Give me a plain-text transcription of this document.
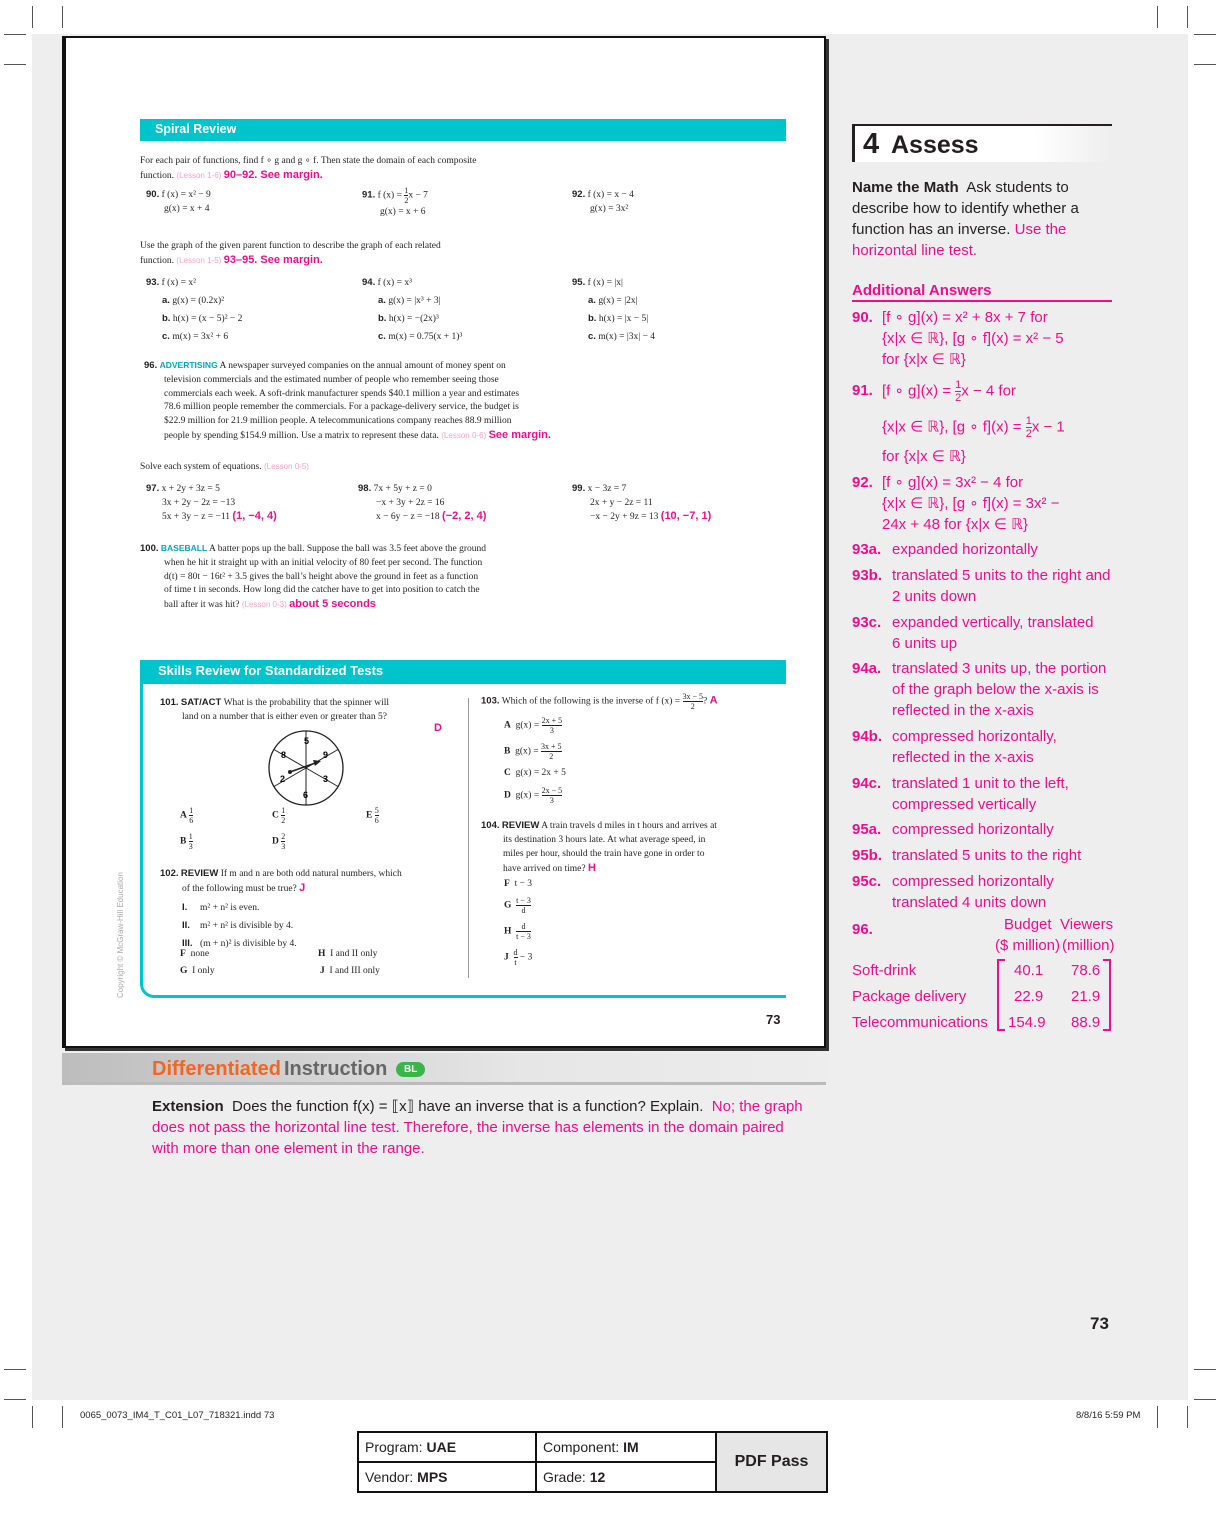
Spiral Review
For each pair of functions, find f ∘ g and g ∘ f. Then state the domain of each composite
function. (Lesson 1-6) 90–92. See margin.
90. f (x) = x² − 9
g(x) = x + 4
91. f $(x) = \frac{1}{2}$ x − 7
g(x) = x + 6
92. f (x) = x − 4
g(x) = 3x²
Use the graph of the given parent function to describe the graph of each related
function. (Lesson 1-5) 93–95. See margin.
93. f (x) = x²
a. g(x) = (0.2x)²
b. h(x) = (x − 5)² − 2
c. m(x) = 3x² + 6
94. f (x) = x³
a. g(x) = |x³ + 3|
b. h(x) = −(2x)³
c. m(x) = 0.75(x + 1)³
95. f (x) = |x|
a. g(x) = |2x|
b. h(x) = |x − 5|
c. m(x) = |3x| − 4
96. ADVERTISING A newspaper surveyed companies on the annual amount of money spent on
television commercials and the estimated number of people who remember seeing those
commercials each week. A soft-drink manufacturer spends $40.1 million a year and estimates
78.6 million people remember the commercials. For a package-delivery service, the budget is
$22.9 million for 21.9 million people. A telecommunications company reaches 88.9 million
people by spending $154.9 million. Use a matrix to represent these data. (Lesson 0-6) See margin.
Solve each system of equations. (Lesson 0-5)
97. x + 2y + 3z = 5
3x + 2y − 2z = −13
5x + 3y − z = −11 (1, −4, 4)
98. 7x + 5y + z = 0
−x + 3y + 2z = 16
x − 6y − z = −18 (−2, 2, 4)
99. x − 3z = 7
2x + y − 2z = 11
−x − 2y + 9z = 13 (10, −7, 1)
100. BASEBALL A batter pops up the ball. Suppose the ball was 3.5 feet above the ground
when he hit it straight up with an initial velocity of 80 feet per second. The function
d(t) = 80t − 16t² + 3.5 gives the ball’s height above the ground in feet as a function
of time t in seconds. How long did the catcher have to get into position to catch the
ball after it was hit? (Lesson 0-3) about 5 seconds
Skills Review for Standardized Tests
101. SAT/ACT What is the probability that the spinner will
land on a number that is either even or greater than 5?
D
5
9
3
6
2
8
A $\frac{1}{6}$	C $\frac{1}{2}$	E $\frac{5}{6}$
B $\frac{1}{3}$	D $\frac{2}{3}$
102. REVIEW If m and n are both odd natural numbers, which
of the following must be true? J
I. m² + n² is even.
II. m² + n² is divisible by 4.
III. (m + n)² is divisible by 4.
F none	H I and II only
G I only	J I and III only
103. Which of the following is the inverse of f $(x) = \frac{3x - 5}{2}$ ? A
A $g(x) = \frac{2x + 5}{3}$
B $g(x) = \frac{3x + 5}{2}$
C g(x) = 2x + 5
D $g(x) = \frac{2x - 5}{3}$
104. REVIEW A train travels d miles in t hours and arrives at
its destination 3 hours late. At what average speed, in
miles per hour, should the train have gone in order to
have arrived on time? H
F t − 3
G $\frac{t - 3}{d}$
H $\frac{d}{t - 3}$
J $\frac{d}{t} - 3$
Copyright © McGraw-Hill Education
73
4 Assess
Name the Math Ask students to
describe how to identify whether a
function has an inverse. Use the
horizontal line test.
Additional Answers
90. [f ∘ g](x) = x² + 8x + 7 for
{x|x ∈ ℝ}, [g ∘ f](x) = x² − 5
for {x|x ∈ ℝ}
91. [f ∘ $g](x) = \frac{1}{2}$ x − 4 for
{x|x ∈ ℝ}, [g ∘ $f](x) = \frac{1}{2}$ x − 1
for {x|x ∈ ℝ}
92. [f ∘ g](x) = 3x² − 4 for
{x|x ∈ ℝ}, [g ∘ f](x) = 3x² −
24x + 48 for {x|x ∈ ℝ}
93a. expanded horizontally
93b. translated 5 units to the right and
2 units down
93c. expanded vertically, translated
6 units up
94a. translated 3 units up, the portion
of the graph below the x-axis is
reflected in the x-axis
94b. compressed horizontally,
reflected in the x-axis
94c. translated 1 unit to the left,
compressed vertically
95a. compressed horizontally
95b. translated 5 units to the right
95c. compressed horizontally
translated 4 units down
96.	Budget Viewers
($ million) (million)
Soft-drink	40.1 78.6
Package delivery	22.9 21.9
Telecommunications 154.9 88.9
73
Differentiated Instruction	BL
Extension Does the function f(x) = ⟦x⟧ have an inverse that is a function? Explain. No; the graph does not pass the horizontal line test. Therefore, the inverse has elements in the domain paired with more than one element in the range.
0065_0073_IM4_T_C01_L07_718321.indd 73	8/8/16 5:59 PM
Program: UAE	Component: IM	PDF Pass
Vendor: MPS	Grade: 12	
